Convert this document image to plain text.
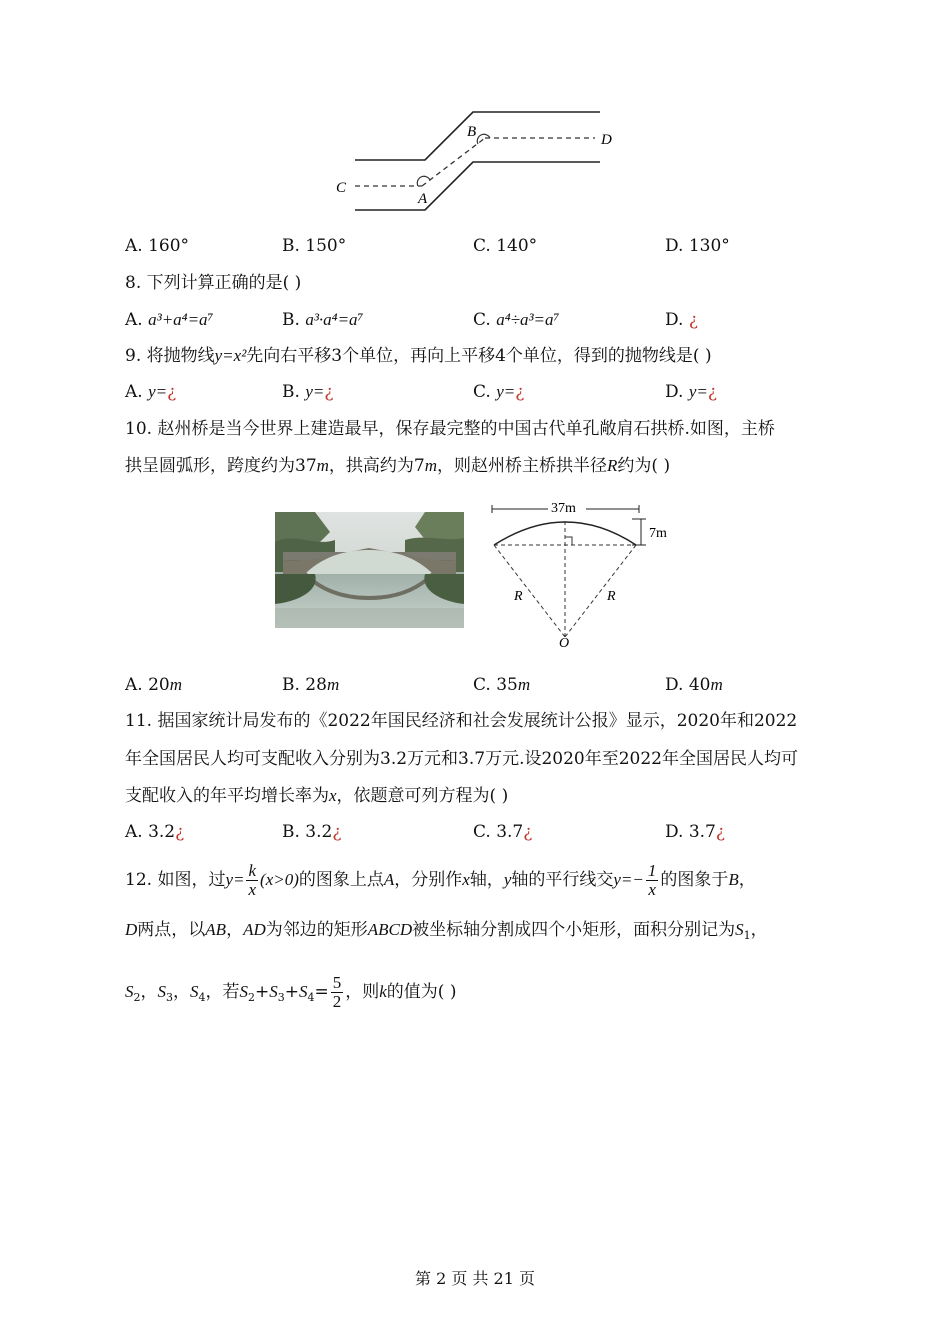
C
A
B	D
A. 160°	B. 150°	C. 140°	D. 130°
8. 下列计算正确的是( )
A. a³+a⁴=a⁷	B. a³·a⁴=a⁷	C. a⁴÷a³=a⁷	D. ¿
9. 将抛物线y=x²先向右平移3个单位，再向上平移4个单位，得到的抛物线是( )
A. y=¿	B. y=¿	C. y=¿	D. y=¿
10. 赵州桥是当今世界上建造最早，保存最完整的中国古代单孔敞肩石拱桥.如图，主桥
拱呈圆弧形，跨度约为37m，拱高约为7m，则赵州桥主桥拱半径R约为( )
37m
7m
R	R
O
A. 20m	B. 28m	C. 35m	D. 40m
11. 据国家统计局发布的《2022年国民经济和社会发展统计公报》显示，2020年和2022
年全国居民人均可支配收入分别为3.2万元和3.7万元.设2020年至2022年全国居民人均可
支配收入的年平均增长率为x，依题意可列方程为( )
A. 3.2¿	B. 3.2¿	C. 3.7¿	D. 3.7¿
12. 如图，过$y= \frac{k}{x} (x>0)$的图象上点A，分别作x轴，y轴的平行线交$y=- \frac{1}{x}$ 的图象于B，
D两点，以AB，AD为邻边的矩形ABCD被坐标轴分割成四个小矩形，面积分别记为$S_1$，
$S_2$，$S_3$，$S_4$，若$S_2+S_3+S_4= \frac{5}{2}$ ，则k的值为( )
第 2 页 共 21 页
